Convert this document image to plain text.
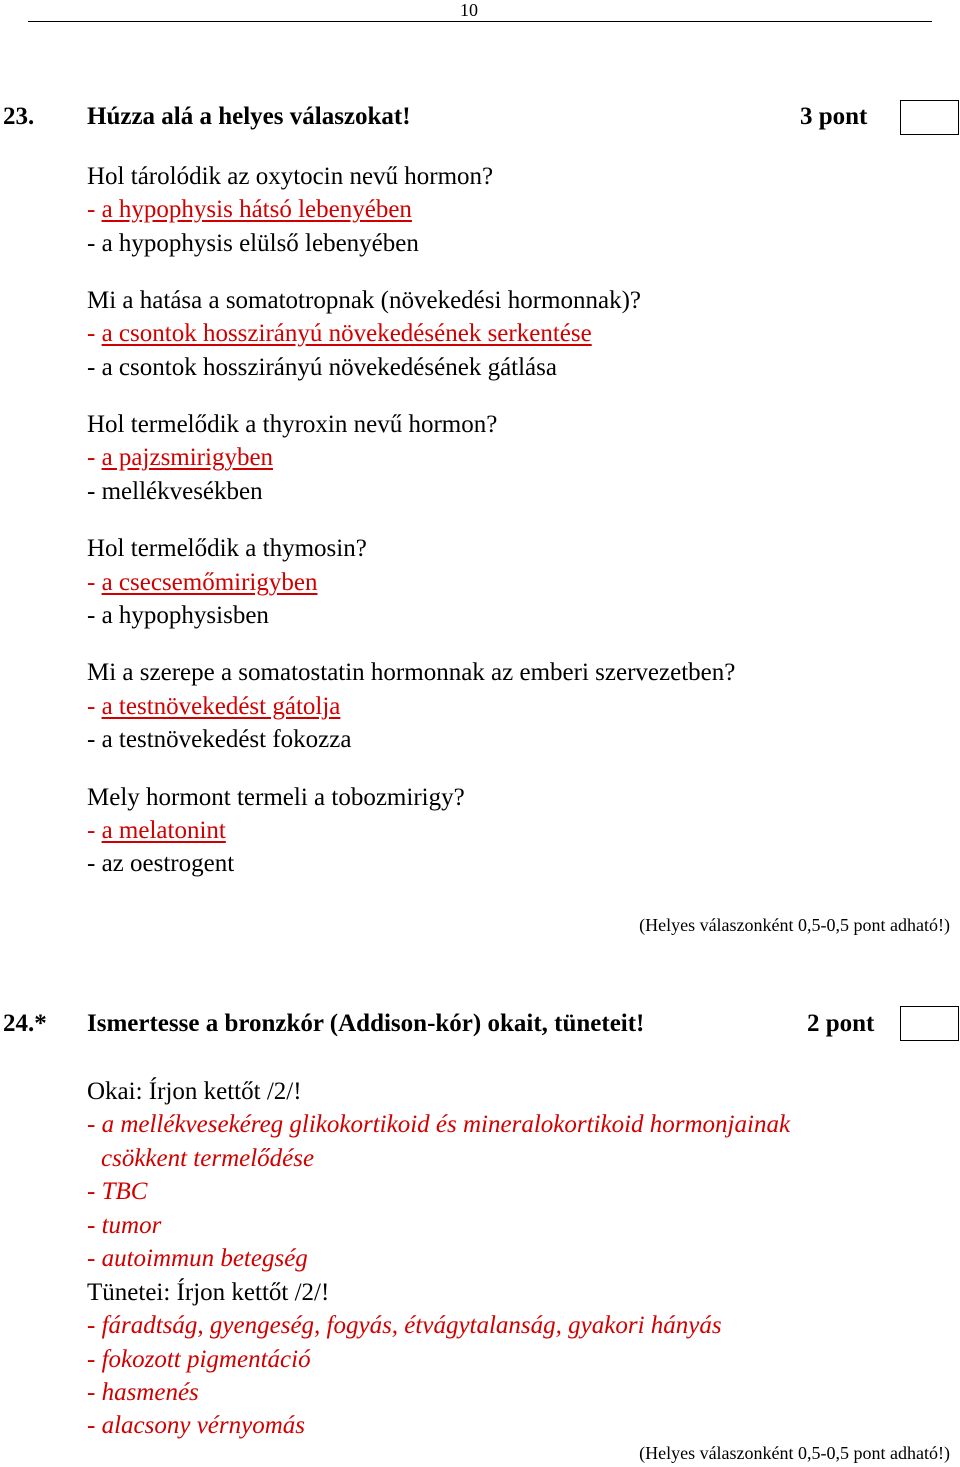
10
23. Húzza alá a helyes válaszokat!	3 pont
Hol tárolódik az oxytocin nevű hormon?
- a hypophysis hátsó lebenyében
- a hypophysis elülső lebenyében
Mi a hatása a somatotropnak (növekedési hormonnak)?
- a csontok hosszirányú növekedésének serkentése
- a csontok hosszirányú növekedésének gátlása
Hol termelődik a thyroxin nevű hormon?
- a pajzsmirigyben
- mellékvesékben
Hol termelődik a thymosin?
- a csecsemőmirigyben
- a hypophysisben
Mi a szerepe a somatostatin hormonnak az emberi szervezetben?
- a testnövekedést gátolja
- a testnövekedést fokozza
Mely hormont termeli a tobozmirigy?
- a melatonint
- az oestrogent
(Helyes válaszonként 0,5-0,5 pont adható!)
24.* Ismertesse a bronzkór (Addison-kór) okait, tüneteit!	2 pont
Okai: Írjon kettőt /2/!
- a mellékvesekéreg glikokortikoid és mineralokortikoid hormonjainak
csökkent termelődése
- TBC
- tumor
- autoimmun betegség
Tünetei: Írjon kettőt /2/!
- fáradtság, gyengeség, fogyás, étvágytalanság, gyakori hányás
- fokozott pigmentáció
- hasmenés
- alacsony vérnyomás
(Helyes válaszonként 0,5-0,5 pont adható!)
